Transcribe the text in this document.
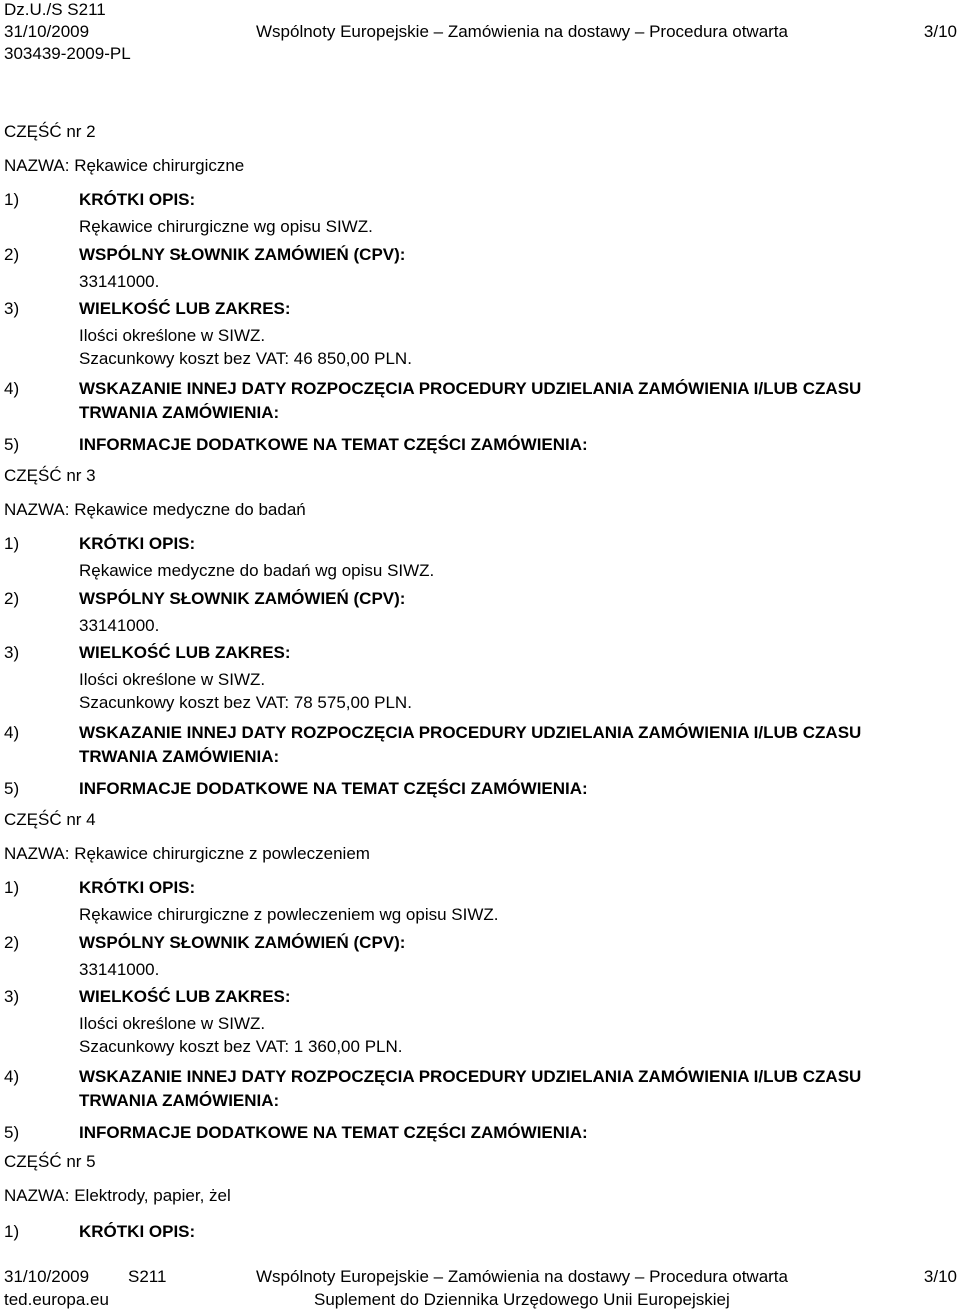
Dz.U./S S211
31/10/2009	Wspólnoty Europejskie – Zamówienia na dostawy – Procedura otwarta	3/10
303439-2009-PL
CZĘŚĆ nr 2
NAZWA: Rękawice chirurgiczne
1)	KRÓTKI OPIS:
Rękawice chirurgiczne wg opisu SIWZ.
2)	WSPÓLNY SŁOWNIK ZAMÓWIEŃ (CPV):
33141000.
3)	WIELKOŚĆ LUB ZAKRES:
Ilości określone w SIWZ.
Szacunkowy koszt bez VAT: 46 850,00 PLN.
4)	WSKAZANIE INNEJ DATY ROZPOCZĘCIA PROCEDURY UDZIELANIA ZAMÓWIENIA I/LUB CZASU
TRWANIA ZAMÓWIENIA:
5)	INFORMACJE DODATKOWE NA TEMAT CZĘŚCI ZAMÓWIENIA:
CZĘŚĆ nr 3
NAZWA: Rękawice medyczne do badań
1)	KRÓTKI OPIS:
Rękawice medyczne do badań wg opisu SIWZ.
2)	WSPÓLNY SŁOWNIK ZAMÓWIEŃ (CPV):
33141000.
3)	WIELKOŚĆ LUB ZAKRES:
Ilości określone w SIWZ.
Szacunkowy koszt bez VAT: 78 575,00 PLN.
4)	WSKAZANIE INNEJ DATY ROZPOCZĘCIA PROCEDURY UDZIELANIA ZAMÓWIENIA I/LUB CZASU
TRWANIA ZAMÓWIENIA:
5)	INFORMACJE DODATKOWE NA TEMAT CZĘŚCI ZAMÓWIENIA:
CZĘŚĆ nr 4
NAZWA: Rękawice chirurgiczne z powleczeniem
1)	KRÓTKI OPIS:
Rękawice chirurgiczne z powleczeniem wg opisu SIWZ.
2)	WSPÓLNY SŁOWNIK ZAMÓWIEŃ (CPV):
33141000.
3)	WIELKOŚĆ LUB ZAKRES:
Ilości określone w SIWZ.
Szacunkowy koszt bez VAT: 1 360,00 PLN.
4)	WSKAZANIE INNEJ DATY ROZPOCZĘCIA PROCEDURY UDZIELANIA ZAMÓWIENIA I/LUB CZASU
TRWANIA ZAMÓWIENIA:
5)	INFORMACJE DODATKOWE NA TEMAT CZĘŚCI ZAMÓWIENIA:
CZĘŚĆ nr 5
NAZWA: Elektrody, papier, żel
1)	KRÓTKI OPIS:
31/10/2009 S211	Wspólnoty Europejskie – Zamówienia na dostawy – Procedura otwarta	3/10
ted.europa.eu	Suplement do Dziennika Urzędowego Unii Europejskiej
